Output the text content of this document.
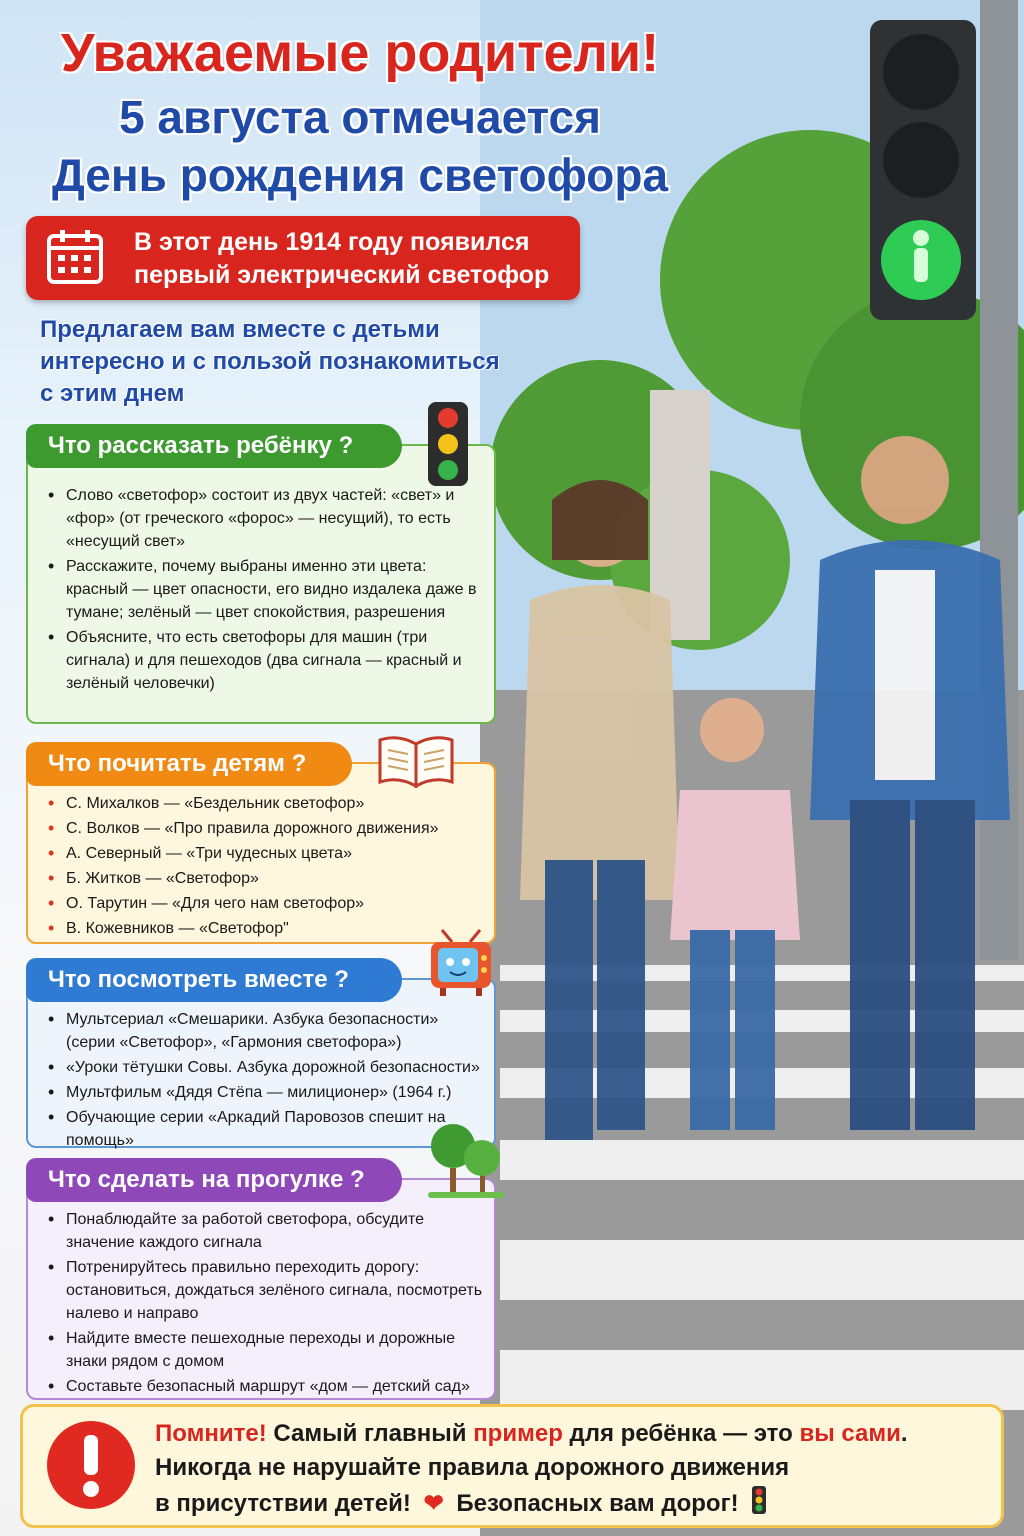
Уважаемые родители!
5 августа отмечается
День рождения светофора
В этот день 1914 году появился
первый электрический светофор
Предлагаем вам вместе с детьми
интересно и с пользой познакомиться
с этим днем
Что рассказать ребёнку ?
• Слово «светофор» состоит из двух частей: «свет» и «фор» (от греческого «форос» — несущий), то есть «несущий свет»
• Расскажите, почему выбраны именно эти цвета: красный — цвет опасности, его видно издалека даже в тумане; зелёный — цвет спокойствия, разрешения
• Объясните, что есть светофоры для машин (три сигнала) и для пешеходов (два сигнала — красный и зелёный человечки)
Что почитать детям ?
• С. Михалков — «Бездельник светофор»
• С. Волков — «Про правила дорожного движения»
• А. Северный — «Три чудесных цвета»
• Б. Житков — «Светофор»
• О. Тарутин — «Для чего нам светофор»
• В. Кожевников — «Светофор"
Что посмотреть вместе ?
• Мультсериал «Смешарики. Азбука безопасности» (серии «Светофор», «Гармония светофора»)
• «Уроки тётушки Совы. Азбука дорожной безопасности»
• Мультфильм «Дядя Стёпа — милиционер» (1964 г.)
• Обучающие серии «Аркадий Паровозов спешит на помощь»
Что сделать на прогулке ?
• Понаблюдайте за работой светофора, обсудите значение каждого сигнала
• Потренируйтесь правильно переходить дорогу: остановиться, дождаться зелёного сигнала, посмотреть налево и направо
• Найдите вместе пешеходные переходы и дорожные знаки рядом с домом
• Составьте безопасный маршрут «дом — детский сад»
Помните! Самый главный пример для ребёнка — это вы сами.
Никогда не нарушайте правила дорожного движения
в присутствии детей! ❤ Безопасных вам дорог!
